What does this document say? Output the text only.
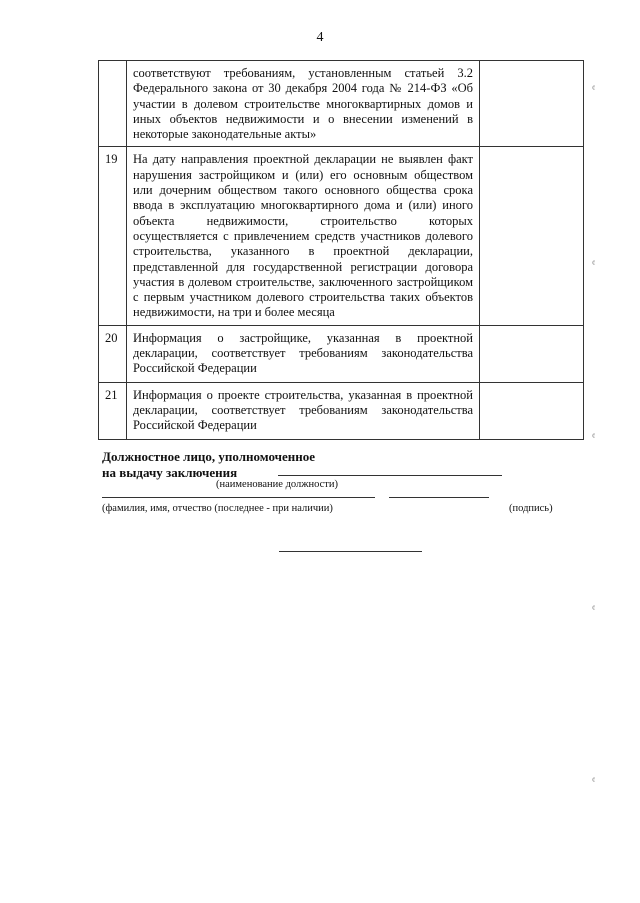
4
	соответствуют требованиям, установленным статьей 3.2 Федерального закона от 30 декабря 2004 года № 214-ФЗ «Об участии в долевом строительстве многоквартирных домов и иных объектов недвижимости и о внесении изменений в некоторые законодательные акты»	
19	На дату направления проектной декларации не выявлен факт нарушения застройщиком и (или) его основным обществом или дочерним обществом такого основного общества срока ввода в эксплуатацию многоквартирного дома и (или) иного объекта недвижимости, строительство которых осуществляется с привлечением средств участников долевого строительства, указанного в проектной декларации, представленной для государственной регистрации договора участия в долевом строительстве, заключенного застройщиком с первым участником долевого строительства таких объектов недвижимости, на три и более месяца	
20	Информация о застройщике, указанная в проектной декларации, соответствует требованиям законодательства Российской Федерации	
21	Информация о проекте строительства, указанная в проектной декларации, соответствует требованиям законодательства Российской Федерации	
Должностное лицо, уполномоченное
на выдачу заключения
(наименование должности)
(фамилия, имя, отчество (последнее - при наличии)	(подпись)
¢
¢
¢
¢
¢
